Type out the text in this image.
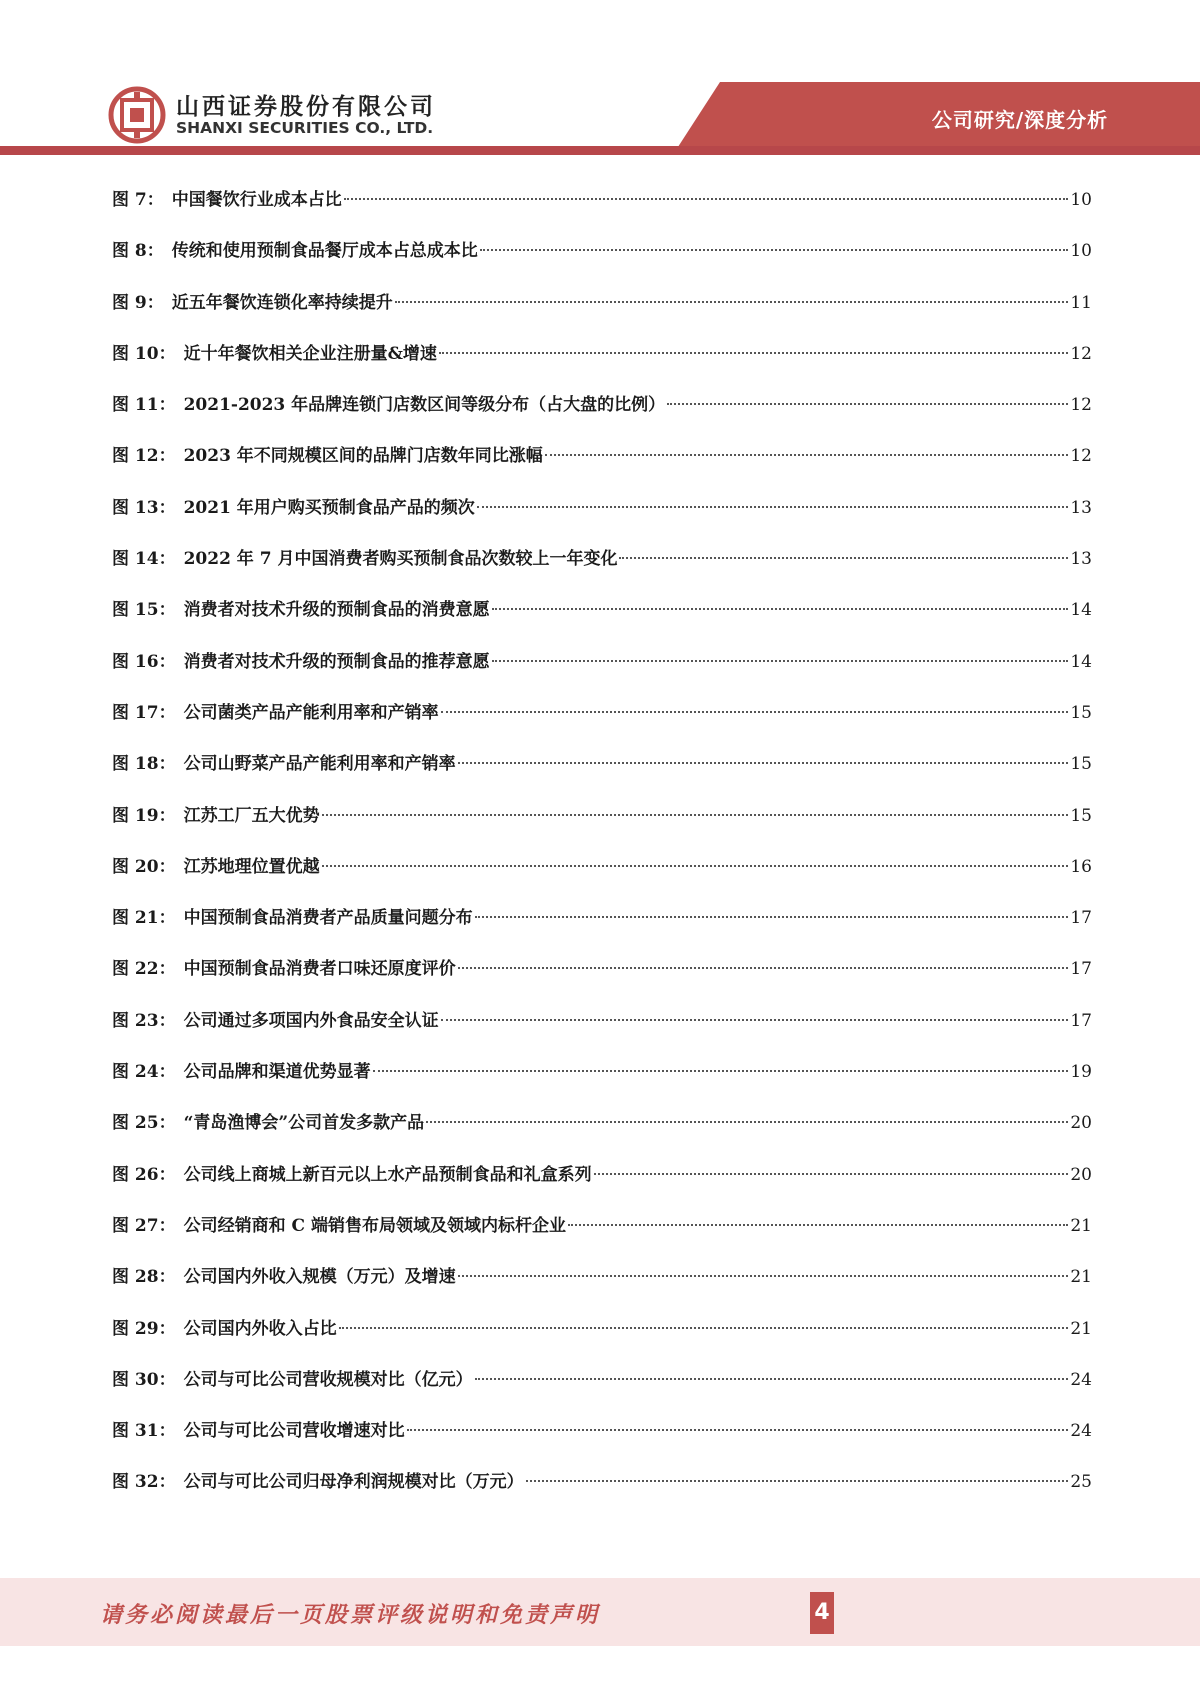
山西证券股份有限公司
SHANXI SECURITIES CO., LTD.	公司研究/深度分析
图 7： 中国餐饮行业成本占比	10
图 8： 传统和使用预制食品餐厅成本占总成本比	10
图 9： 近五年餐饮连锁化率持续提升	11
图 10： 近十年餐饮相关企业注册量&增速	12
图 11： 2021-2023 年品牌连锁门店数区间等级分布（占大盘的比例）	12
图 12： 2023 年不同规模区间的品牌门店数年同比涨幅	12
图 13： 2021 年用户购买预制食品产品的频次	13
图 14： 2022 年 7 月中国消费者购买预制食品次数较上一年变化	13
图 15： 消费者对技术升级的预制食品的消费意愿	14
图 16： 消费者对技术升级的预制食品的推荐意愿	14
图 17： 公司菌类产品产能利用率和产销率	15
图 18： 公司山野菜产品产能利用率和产销率	15
图 19： 江苏工厂五大优势	15
图 20： 江苏地理位置优越	16
图 21： 中国预制食品消费者产品质量问题分布	17
图 22： 中国预制食品消费者口味还原度评价	17
图 23： 公司通过多项国内外食品安全认证	17
图 24： 公司品牌和渠道优势显著	19
图 25： “青岛渔博会”公司首发多款产品	20
图 26： 公司线上商城上新百元以上水产品预制食品和礼盒系列	20
图 27： 公司经销商和 C 端销售布局领域及领域内标杆企业	21
图 28： 公司国内外收入规模（万元）及增速	21
图 29： 公司国内外收入占比	21
图 30： 公司与可比公司营收规模对比（亿元）	24
图 31： 公司与可比公司营收增速对比	24
图 32： 公司与可比公司归母净利润规模对比（万元）	25
请务必阅读最后一页股票评级说明和免责声明	4
